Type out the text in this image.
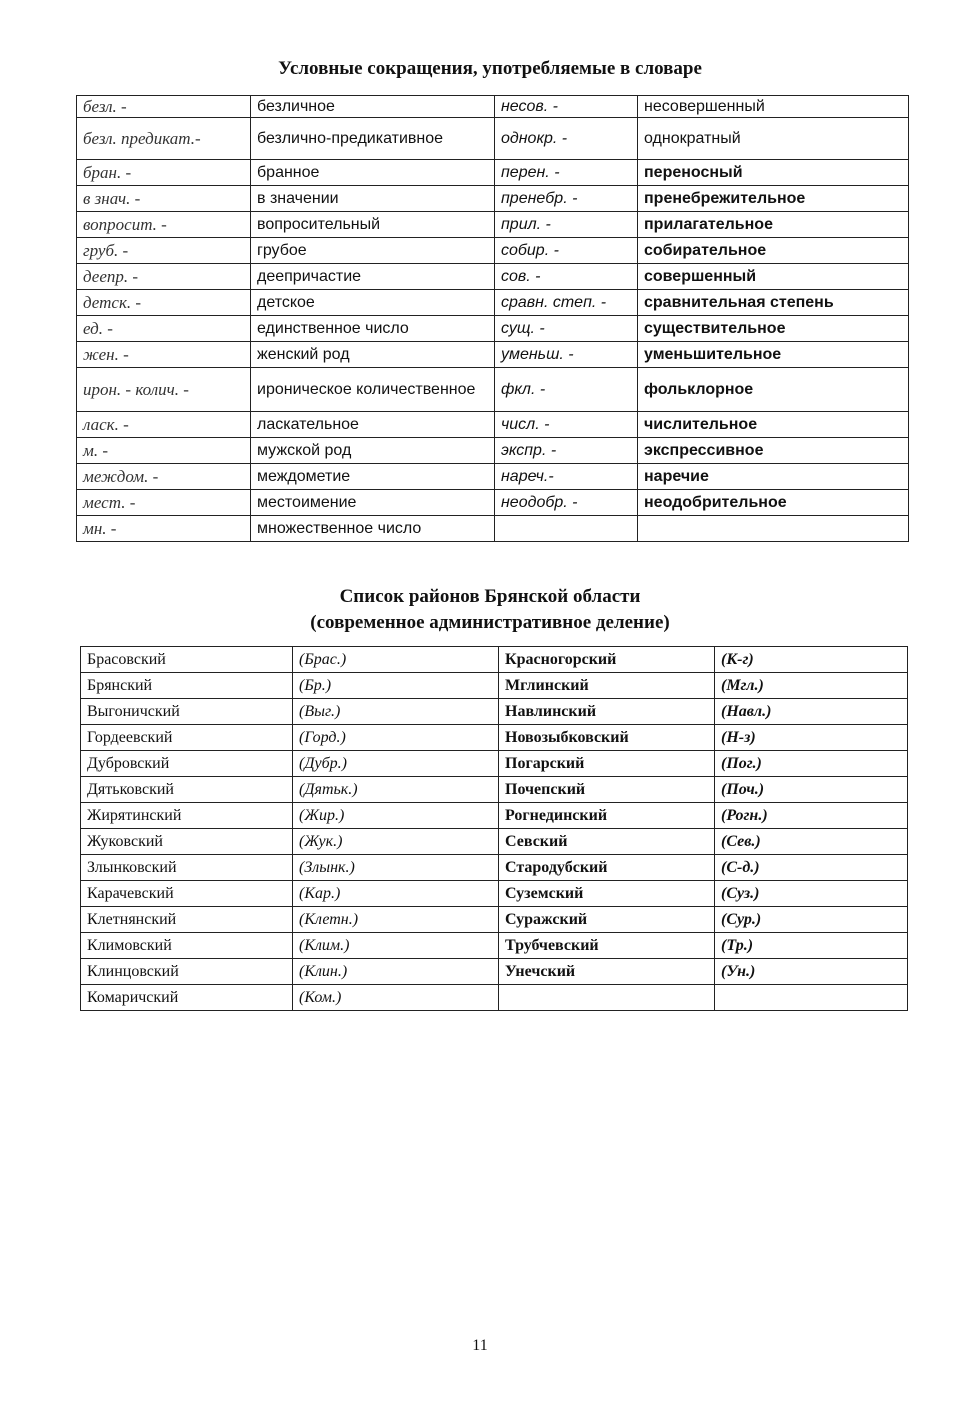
Условные сокращения, употребляемые в словаре
безл. -	безличное	несов. -	несовершенный
безл. предикат.-	безлично-предикативное	однокр. -	однократный
бран. -	бранное	перен. -	переносный
в знач. -	в значении	пренебр. -	пренебрежительное
вопросит. -	вопросительный	прил. -	прилагательное
груб. -	грубое	собир. -	собирательное
деепр. -	деепричастие	сов. -	совершенный
детск. -	детское	сравн. степ. -	сравнительная степень
ед. -	единственное число	сущ. -	существительное
жен. -	женский род	уменьш. -	уменьшительное
ирон. - колич. -	ироническое количественное	фкл. -	фольклорное
ласк. -	ласкательное	числ. -	числительное
м. -	мужской род	экспр. -	экспрессивное
междом. -	междометие	нареч.-	наречие
мест. -	местоимение	неодобр. -	неодобрительное
мн. -	множественное число		
Список районов Брянской области
(современное административное деление)
Брасовский	(Брас.)	Красногорский	(К-г)
Брянский	(Бр.)	Мглинский	(Мгл.)
Выгоничский	(Выг.)	Навлинский	(Навл.)
Гордеевский	(Горд.)	Новозыбковский	(Н-з)
Дубровский	(Дубр.)	Погарский	(Пог.)
Дятьковский	(Дятьк.)	Почепский	(Поч.)
Жирятинский	(Жир.)	Рогнединский	(Рогн.)
Жуковский	(Жук.)	Севский	(Сев.)
Злынковский	(Злынк.)	Стародубский	(С-д.)
Карачевский	(Кар.)	Суземский	(Суз.)
Клетнянский	(Клетн.)	Суражский	(Сур.)
Климовский	(Клим.)	Трубчевский	(Тр.)
Клинцовский	(Клин.)	Унечский	(Ун.)
Комаричский	(Ком.)		
11
